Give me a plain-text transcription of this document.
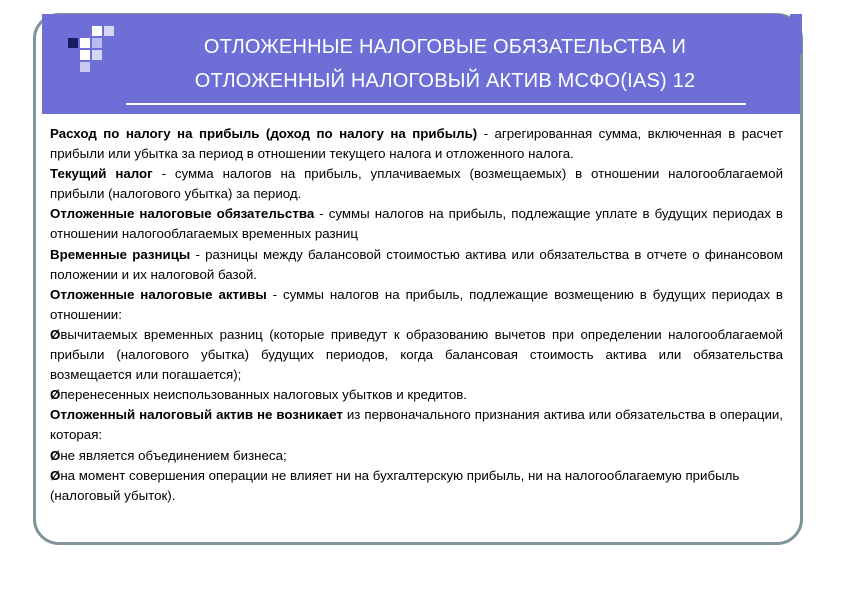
ОТЛОЖЕННЫЕ НАЛОГОВЫЕ ОБЯЗАТЕЛЬСТВА И
ОТЛОЖЕННЫЙ НАЛОГОВЫЙ АКТИВ МСФО(IAS) 12

Расход по налогу на прибыль (доход по налогу на прибыль) - агрегированная сумма, включенная в расчет прибыли или убытка за период в отношении текущего налога и отложенного налога.

Текущий налог - сумма налогов на прибыль, уплачиваемых (возмещаемых) в отношении налогооблагаемой прибыли (налогового убытка) за период.

Отложенные налоговые обязательства - суммы налогов на прибыль, подлежащие уплате в будущих периодах в отношении налогооблагаемых временных разниц

Временные разницы - разницы между балансовой стоимостью актива или обязательства в отчете о финансовом положении и их налоговой базой.

Отложенные налоговые активы - суммы налогов на прибыль, подлежащие возмещению в будущих периодах в отношении:

Øвычитаемых временных разниц (которые приведут к образованию вычетов при определении налогооблагаемой прибыли (налогового убытка) будущих периодов, когда балансовая стоимость актива или обязательства возмещается или погашается);

Øперенесенных неиспользованных налоговых убытков и кредитов.

Отложенный налоговый актив не возникает из первоначального признания актива или обязательства в операции, которая:

Øне является объединением бизнеса;

Øна момент совершения операции не влияет ни на бухгалтерскую прибыль, ни на налогооблагаемую прибыль (налоговый убыток).
